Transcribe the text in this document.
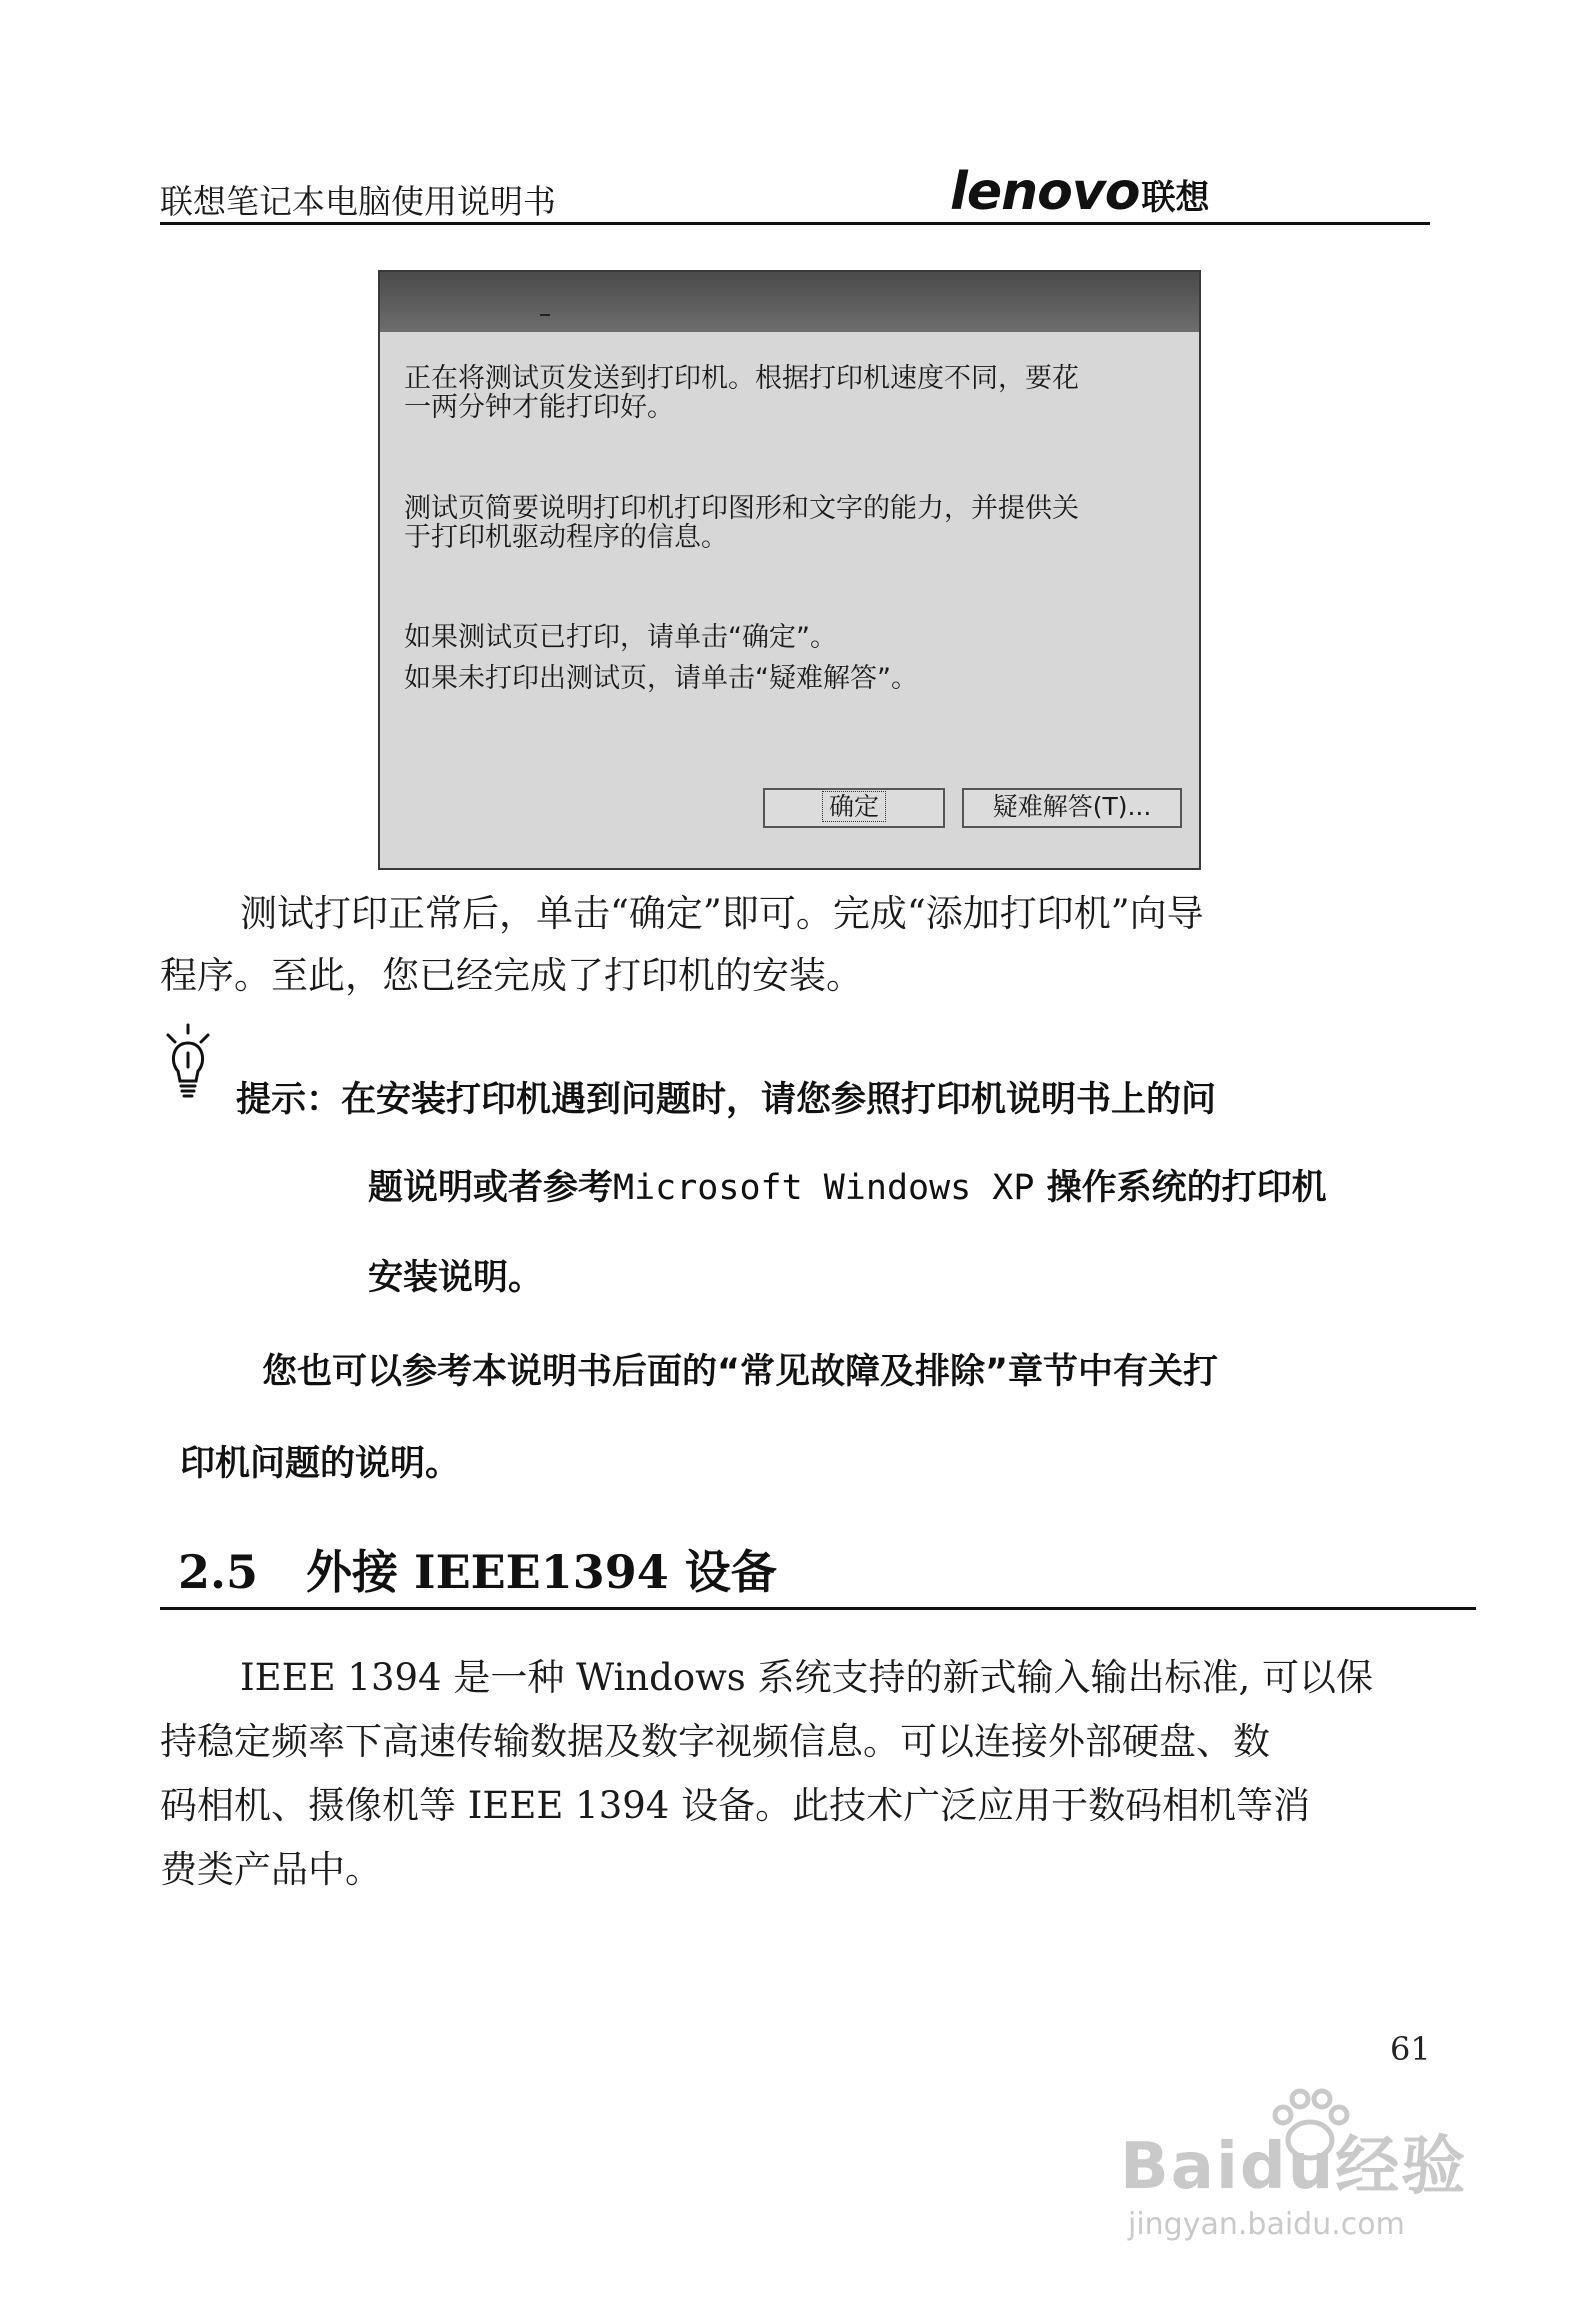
联想笔记本电脑使用说明书	lenovo联想
正在将测试页发送到打印机。根据打印机速度不同，要花
一两分钟才能打印好。
测试页简要说明打印机打印图形和文字的能力，并提供关
于打印机驱动程序的信息。
如果测试页已打印，请单击“确定”。
如果未打印出测试页，请单击“疑难解答”。
确定	疑难解答(T)...
测试打印正常后，单击“确定”即可。完成“添加打印机”向导
程序。至此，您已经完成了打印机的安装。
提示：在安装打印机遇到问题时，请您参照打印机说明书上的问
题说明或者参考Microsoft Windows XP 操作系统的打印机
安装说明。
您也可以参考本说明书后面的“常见故障及排除”章节中有关打
印机问题的说明。
2.5 外接 IEEE1394 设备
IEEE 1394 是一种 Windows 系统支持的新式输入输出标准, 可以保
持稳定频率下高速传输数据及数字视频信息。可以连接外部硬盘、数
码相机、摄像机等 IEEE 1394 设备。此技术广泛应用于数码相机等消
费类产品中。
61
Baidu经验
jingyan.baidu.com
